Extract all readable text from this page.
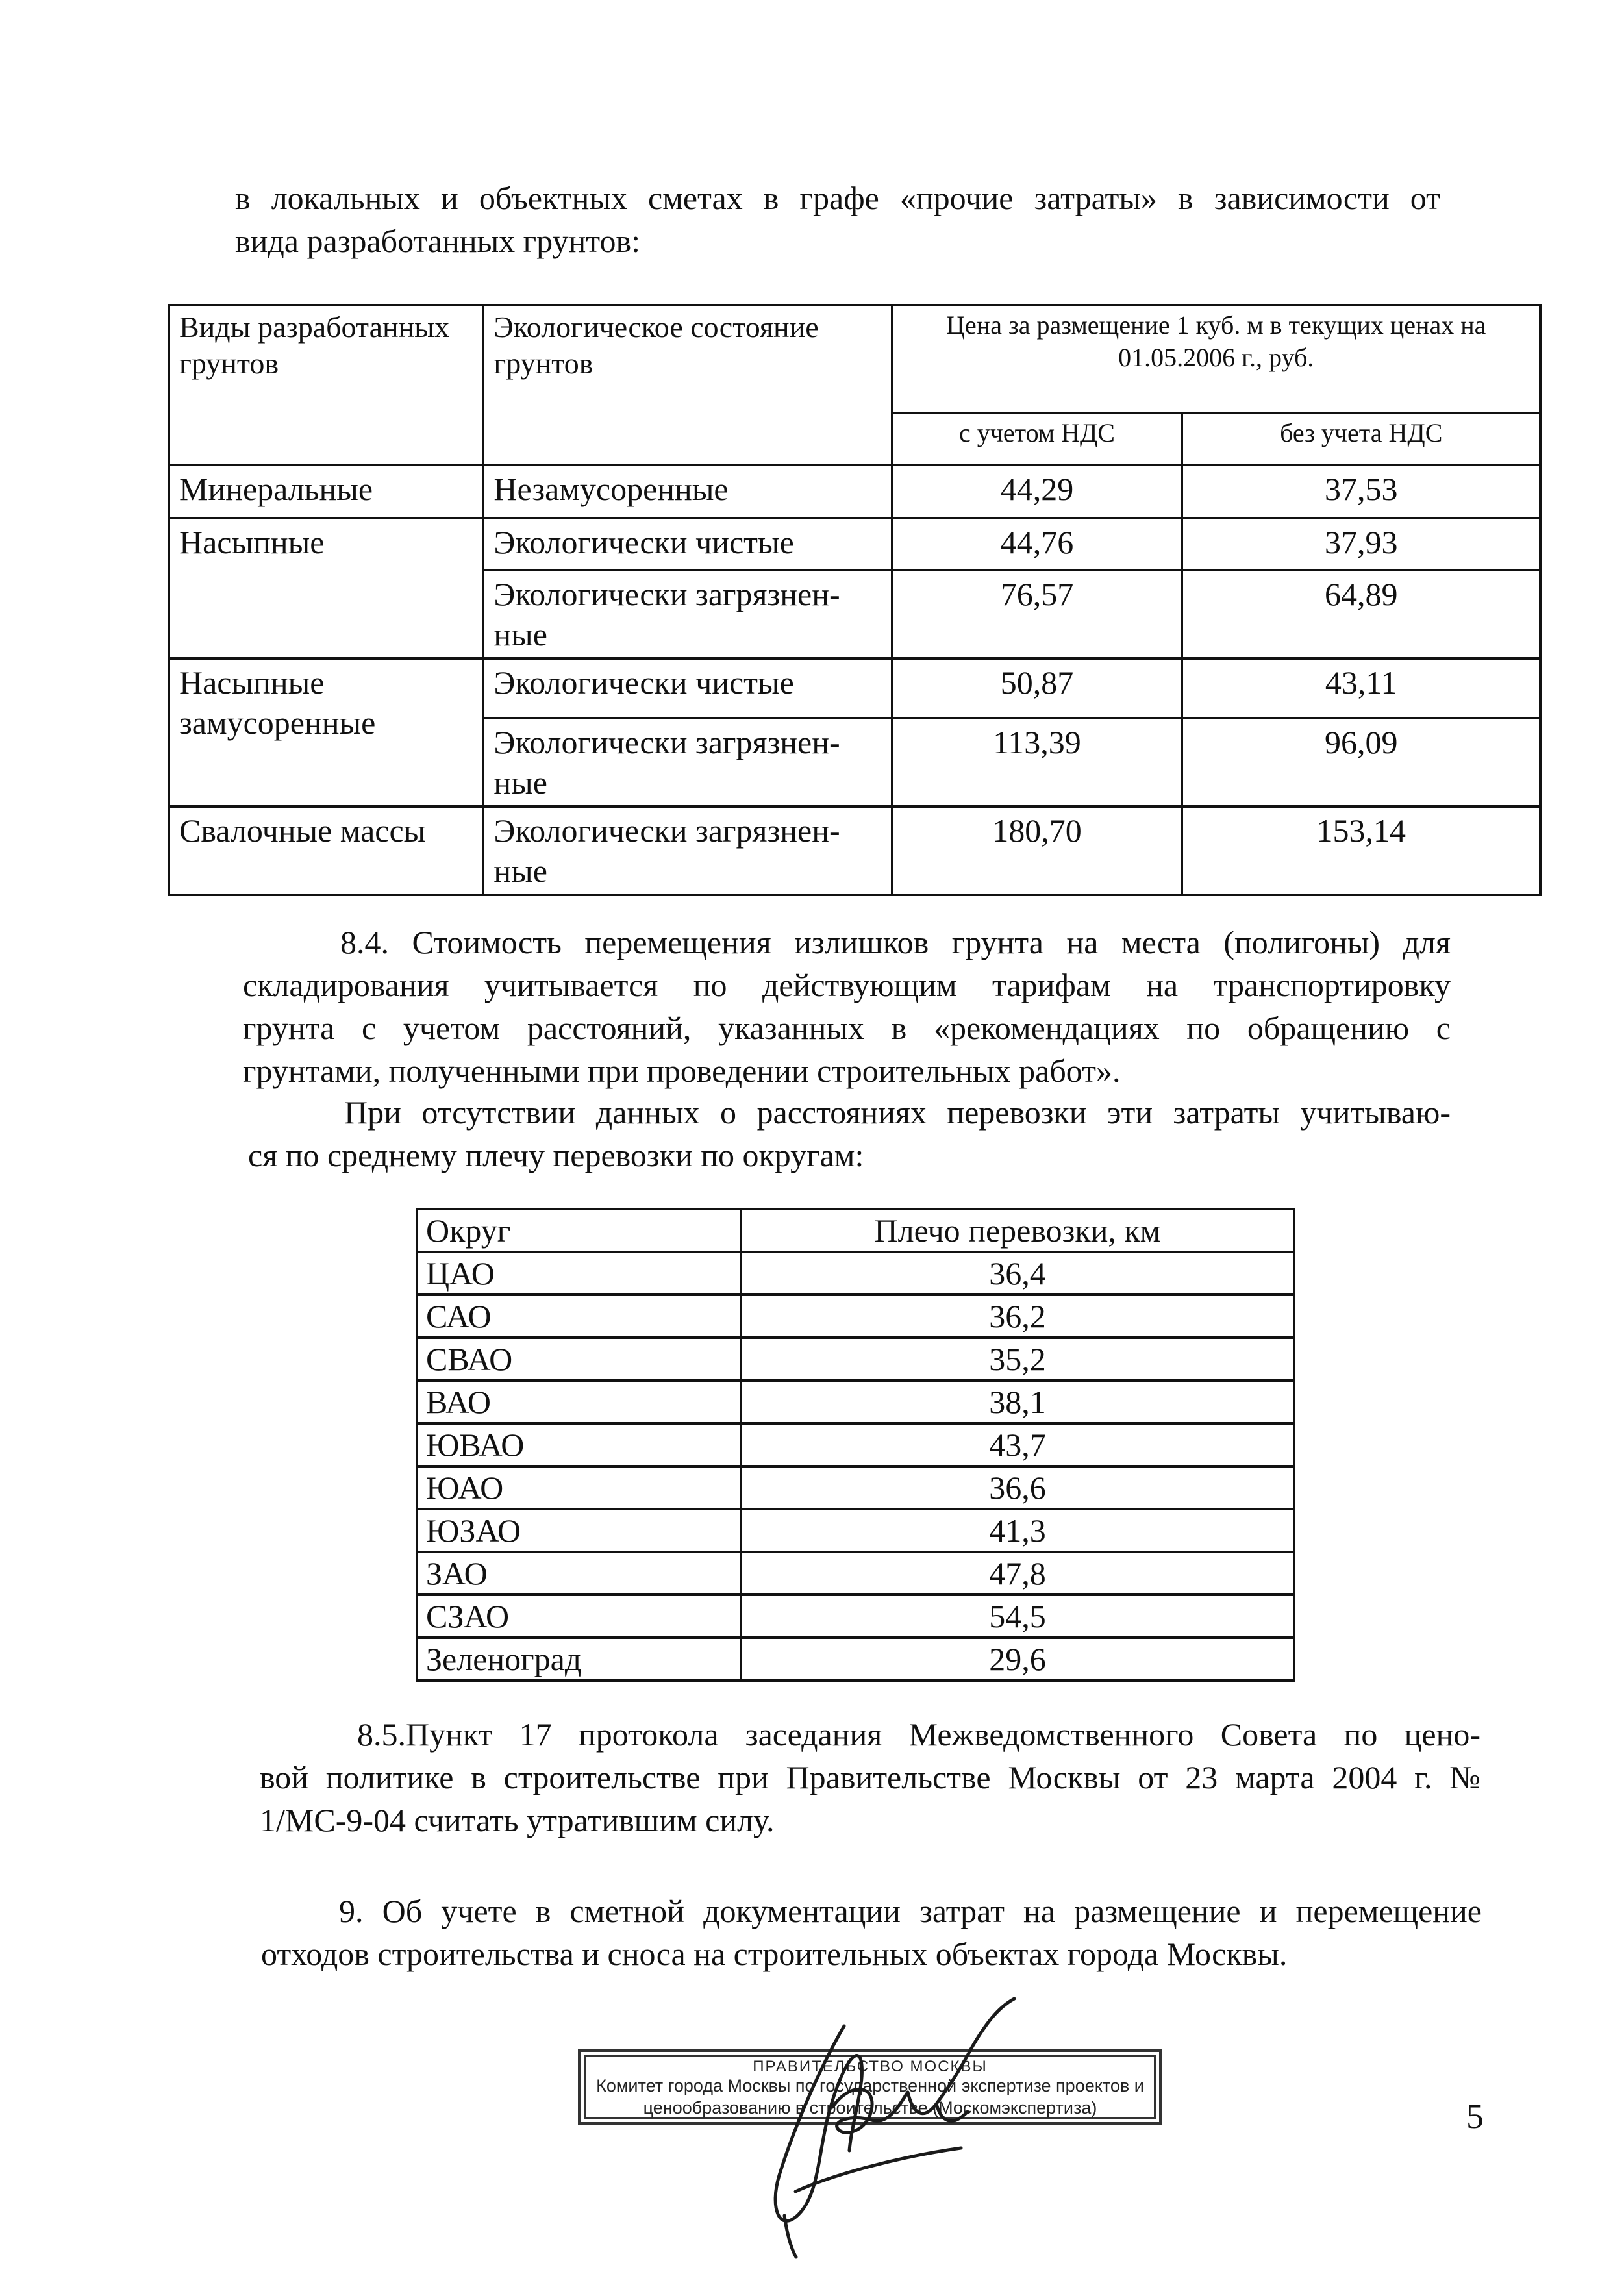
в локальных и объектных сметах в графе «прочие затраты» в зависимости от
вида разработанных грунтов:
Виды разработанных грунтов	Экологическое состояние грунтов	Цена за размещение 1 куб. м в текущих ценах на 01.05.2006 г., руб.	
		с учетом НДС	без учета НДС
Минеральные	Незамусоренные	44,29	37,53
Насыпные	Экологически чистые	44,76	37,93
	Экологически загрязнен-ные	76,57	64,89
Насыпные замусоренные	Экологически чистые	50,87	43,11
	Экологически загрязнен-ные	113,39	96,09
Свалочные массы	Экологически загрязнен-ные	180,70	153,14
8.4. Стоимость перемещения излишков грунта на места (полигоны) для
складирования учитывается по действующим тарифам на транспортировку
грунта с учетом расстояний, указанных в «рекомендациях по обращению с
грунтами, полученными при проведении строительных работ».
При отсутствии данных о расстояниях перевозки эти затраты учитываю-
ся по среднему плечу перевозки по округам:
Округ	Плечо перевозки, км
ЦАО	36,4
САО	36,2
СВАО	35,2
ВАО	38,1
ЮВАО	43,7
ЮАО	36,6
ЮЗАО	41,3
ЗАО	47,8
СЗАО	54,5
Зеленоград	29,6
8.5.Пункт 17 протокола заседания Межведомственного Совета по цено-
вой политике в строительстве при Правительстве Москвы от 23 марта 2004 г. №
1/МС-9-04 считать утратившим силу.
9. Об учете в сметной документации затрат на размещение и перемещение
отходов строительства и сноса на строительных объектах города Москвы.
ПРАВИТЕЛЬСТВО МОСКВЫ
Комитет города Москвы по государственной экспертизе проектов и
ценообразованию в строительстве (Москомэкспертиза)	5
